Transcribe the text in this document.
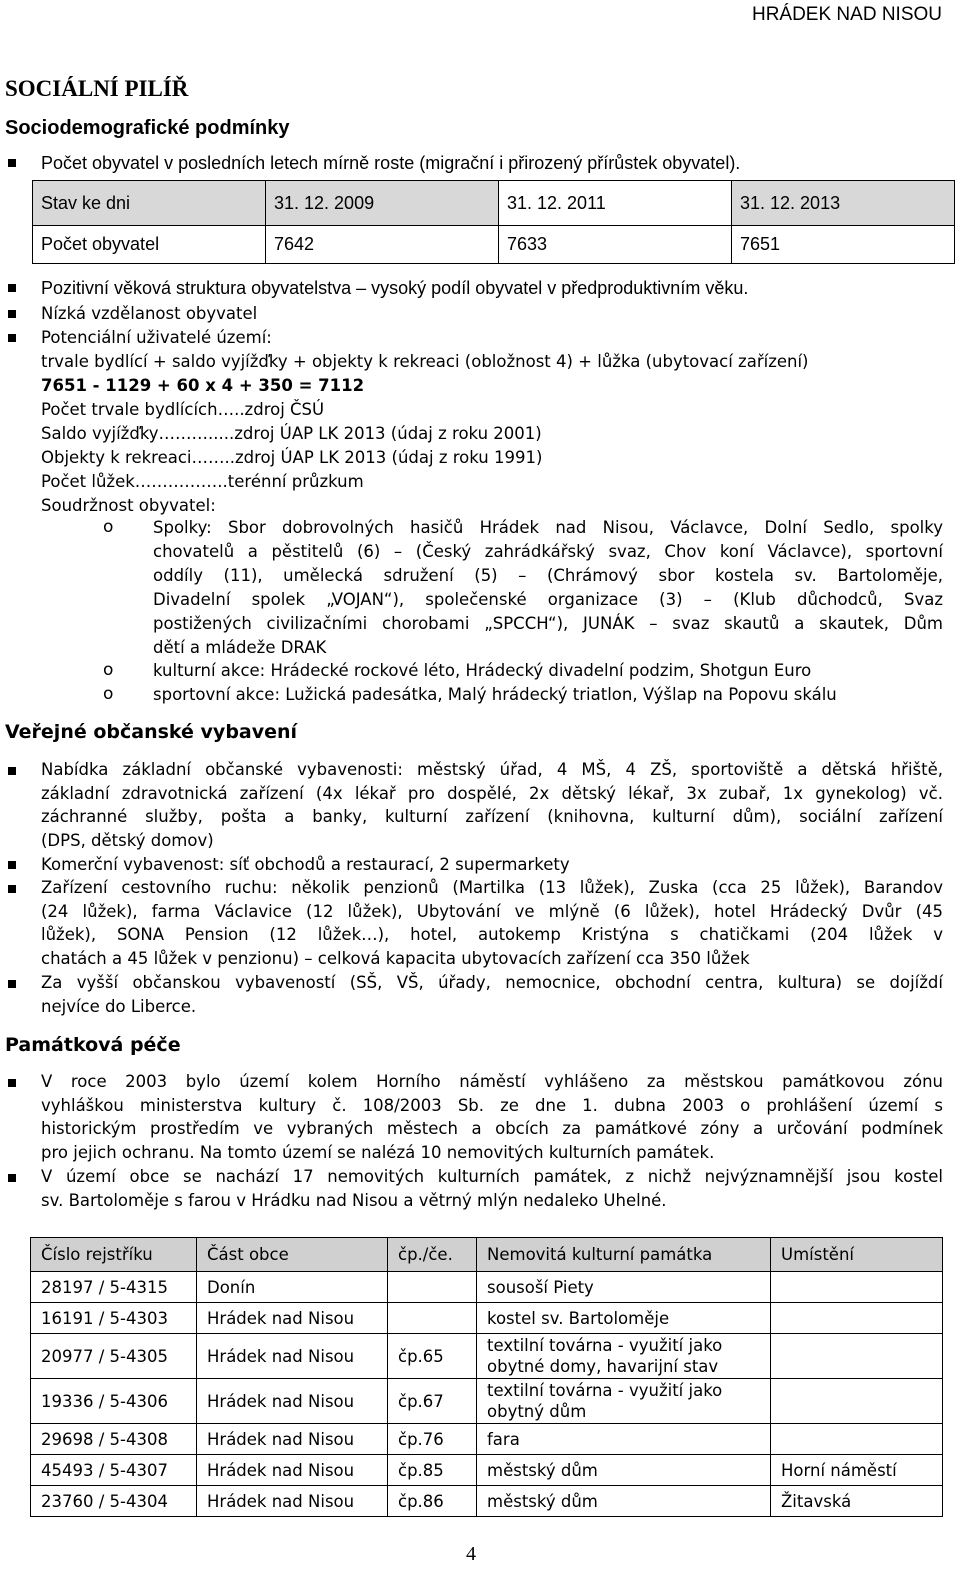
HRÁDEK NAD NISOU
SOCIÁLNÍ PILÍŘ
Sociodemografické podmínky
Počet obyvatel v posledních letech mírně roste (migrační i přirozený přírůstek obyvatel).
Stav ke dni	31. 12. 2009	31. 12. 2011	31. 12. 2013
Počet obyvatel	7642	7633	7651
Pozitivní věková struktura obyvatelstva – vysoký podíl obyvatel v předproduktivním věku.
Nízká vzdělanost obyvatel
Potenciální uživatelé území:
trvale bydlící + saldo vyjížďky + objekty k rekreaci (obložnost 4) + lůžka (ubytovací zařízení)
7651 - 1129 + 60 x 4 + 350 = 7112
Počet trvale bydlících…..zdroj ČSÚ
Saldo vyjížďky……….....zdroj ÚAP LK 2013 (údaj z roku 2001)
Objekty k rekreaci……..zdroj ÚAP LK 2013 (údaj z roku 1991)
Počet lůžek……………..terénní průzkum
Soudržnost obyvatel:
o Spolky: Sbor dobrovolných hasičů Hrádek nad Nisou, Václavce, Dolní Sedlo, spolky
chovatelů a pěstitelů (6) – (Český zahrádkářský svaz, Chov koní Václavce), sportovní
oddíly (11), umělecká sdružení (5) – (Chrámový sbor kostela sv. Bartoloměje,
Divadelní spolek „VOJAN“), společenské organizace (3) – (Klub důchodců, Svaz
postižených civilizačními chorobami „SPCCH“), JUNÁK – svaz skautů a skautek, Dům
dětí a mládeže DRAK
o kulturní akce: Hrádecké rockové léto, Hrádecký divadelní podzim, Shotgun Euro
o sportovní akce: Lužická padesátka, Malý hrádecký triatlon, Výšlap na Popovu skálu
Veřejné občanské vybavení
Nabídka základní občanské vybavenosti: městský úřad, 4 MŠ, 4 ZŠ, sportoviště a dětská hřiště,
základní zdravotnická zařízení (4x lékař pro dospělé, 2x dětský lékař, 3x zubař, 1x gynekolog) vč.
záchranné služby, pošta a banky, kulturní zařízení (knihovna, kulturní dům), sociální zařízení
(DPS, dětský domov)
Komerční vybavenost: síť obchodů a restaurací, 2 supermarkety
Zařízení cestovního ruchu: několik penzionů (Martilka (13 lůžek), Zuska (cca 25 lůžek), Barandov
(24 lůžek), farma Václavice (12 lůžek), Ubytování ve mlýně (6 lůžek), hotel Hrádecký Dvůr (45
lůžek), SONA Pension (12 lůžek…), hotel, autokemp Kristýna s chatičkami (204 lůžek v
chatách a 45 lůžek v penzionu) – celková kapacita ubytovacích zařízení cca 350 lůžek
Za vyšší občanskou vybaveností (SŠ, VŠ, úřady, nemocnice, obchodní centra, kultura) se dojíždí
nejvíce do Liberce.
Památková péče
V roce 2003 bylo území kolem Horního náměstí vyhlášeno za městskou památkovou zónu
vyhláškou ministerstva kultury č. 108/2003 Sb. ze dne 1. dubna 2003 o prohlášení území s
historickým prostředím ve vybraných městech a obcích za památkové zóny a určování podmínek
pro jejich ochranu. Na tomto území se nalézá 10 nemovitých kulturních památek.
V území obce se nachází 17 nemovitých kulturních památek, z nichž nejvýznamnější jsou kostel
sv. Bartoloměje s farou v Hrádku nad Nisou a větrný mlýn nedaleko Uhelné.
Číslo rejstříku	Část obce	čp./če.	Nemovitá kulturní památka	Umístění
28197 / 5-4315	Donín		sousoší Piety	
16191 / 5-4303	Hrádek nad Nisou		kostel sv. Bartoloměje	
20977 / 5-4305	Hrádek nad Nisou	čp.65	textilní továrna - využití jako obytné domy, havarijní stav	
19336 / 5-4306	Hrádek nad Nisou	čp.67	textilní továrna - využití jako obytný dům	
29698 / 5-4308	Hrádek nad Nisou	čp.76	fara	
45493 / 5-4307	Hrádek nad Nisou	čp.85	městský dům	Horní náměstí
23760 / 5-4304	Hrádek nad Nisou	čp.86	městský dům	Žitavská
4
